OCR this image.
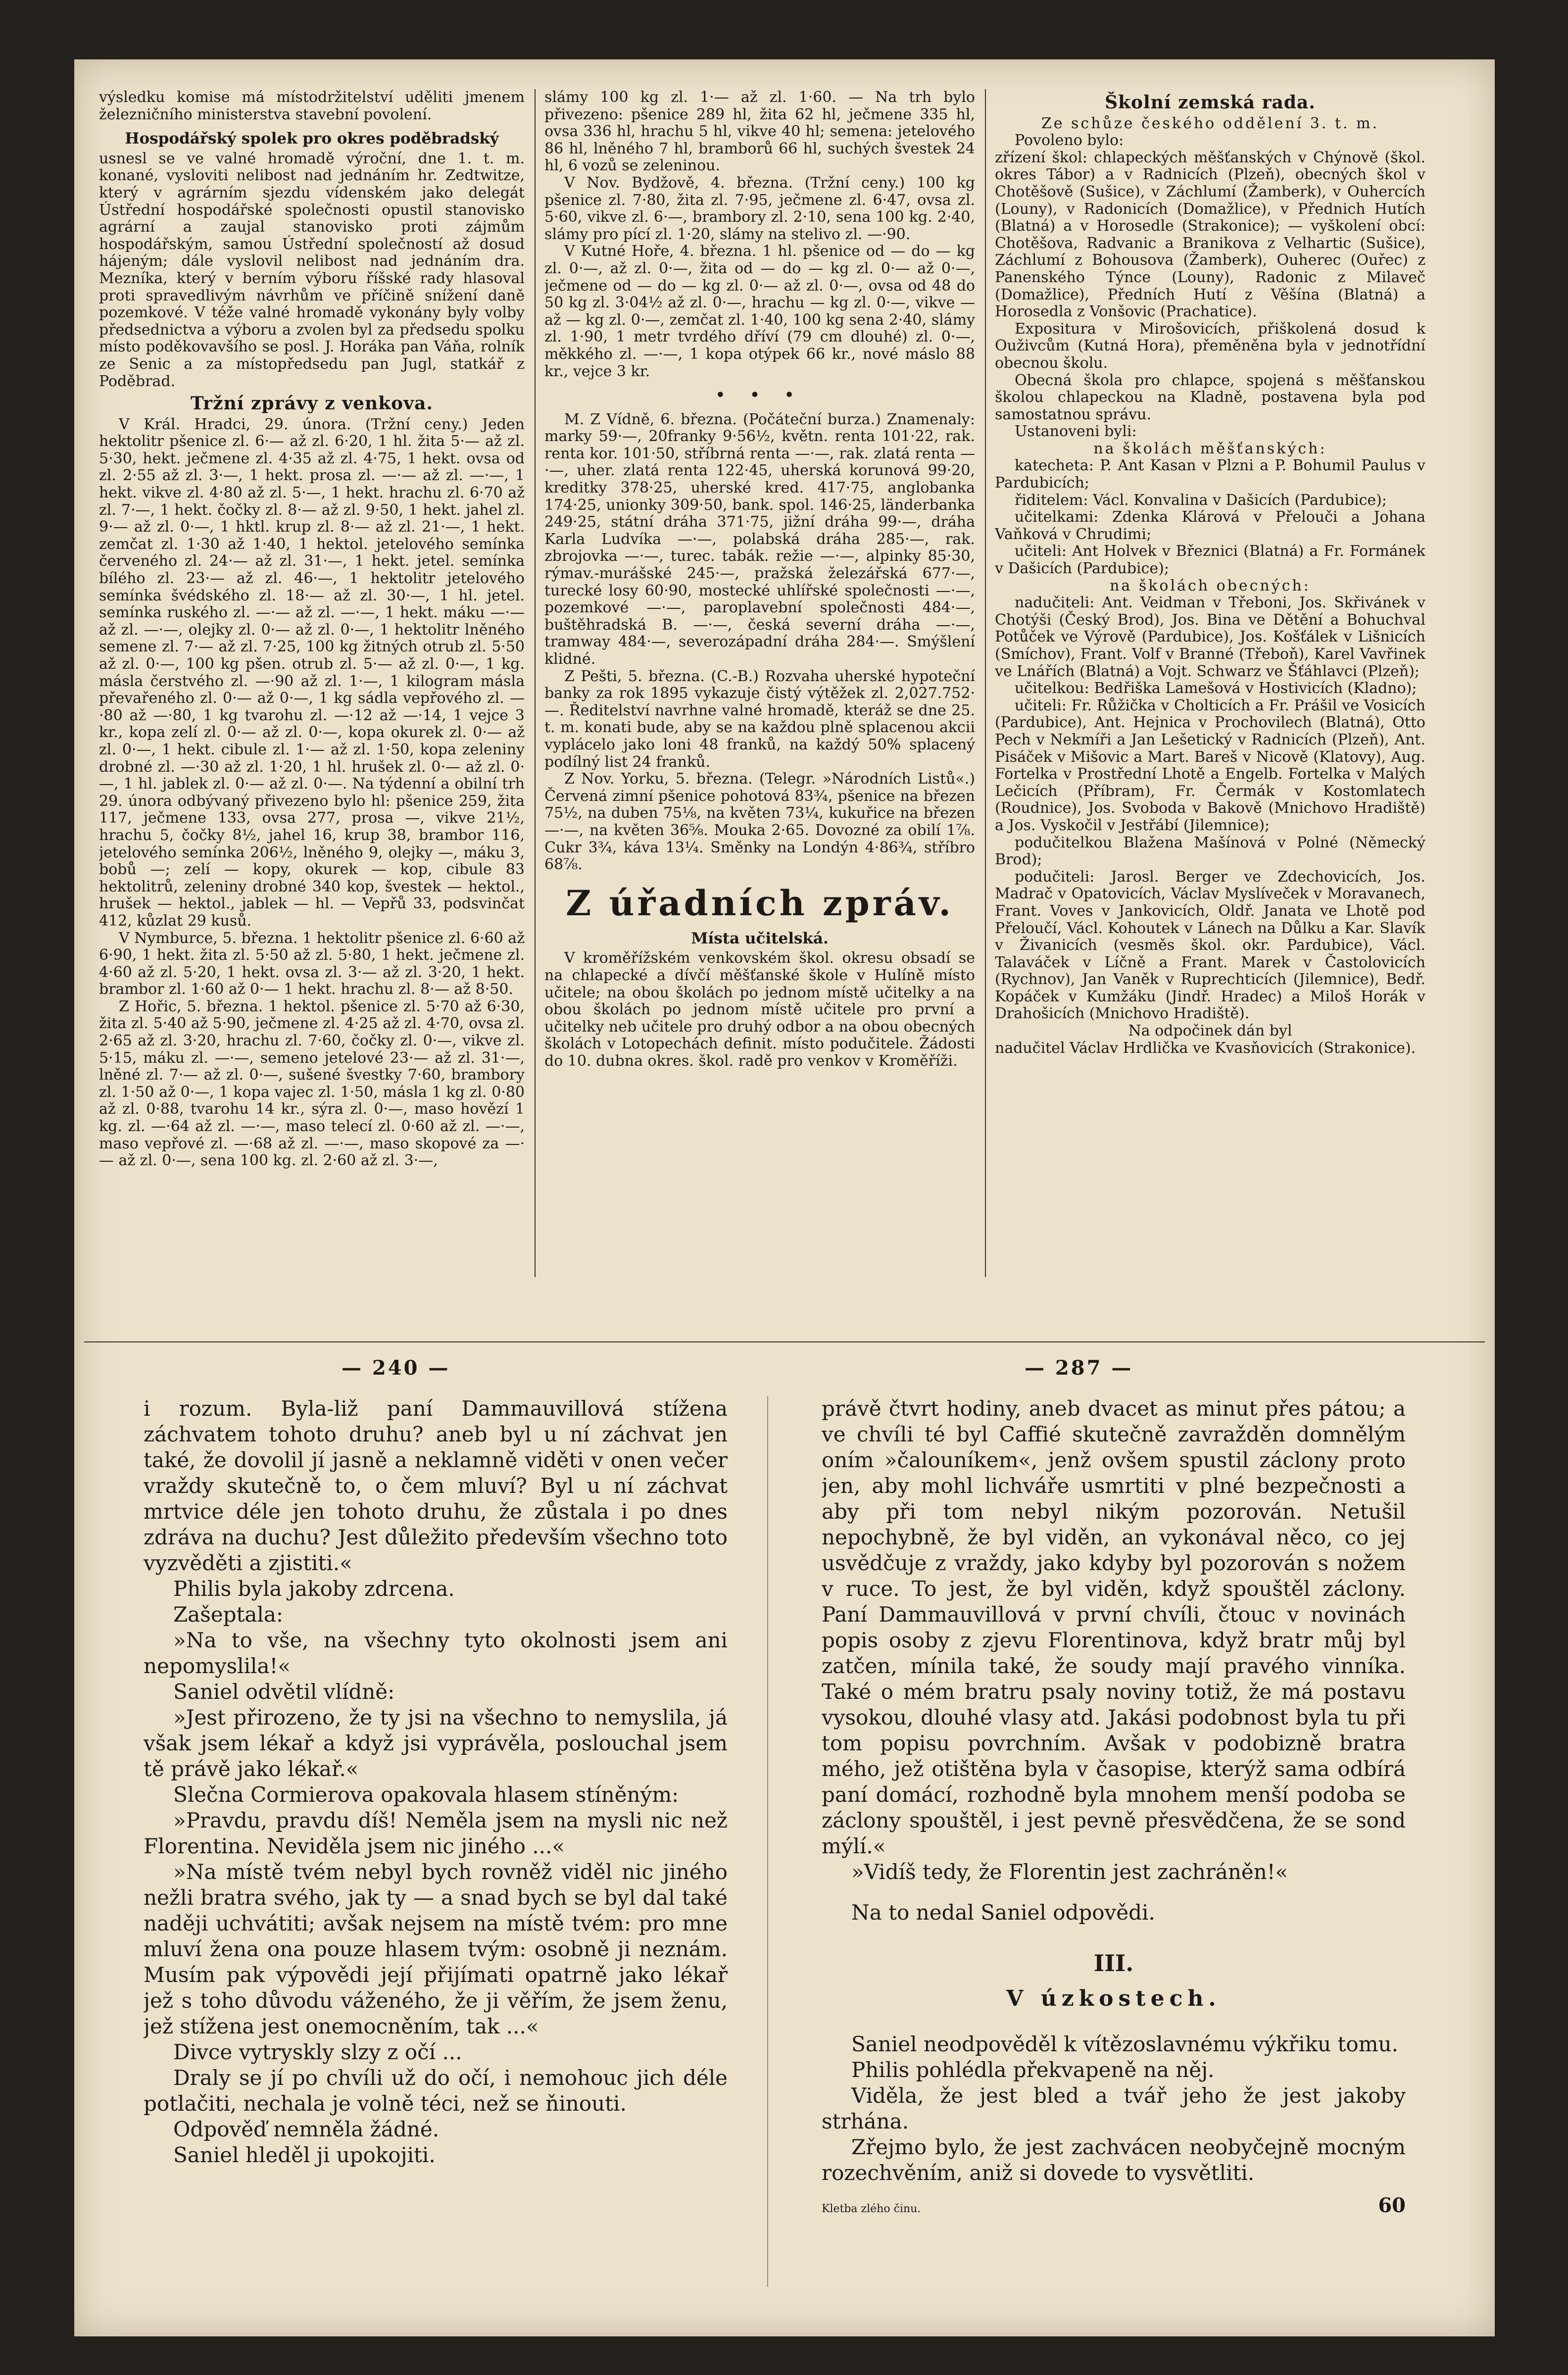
výsledku komise má místodržitelství uděliti jmenem železničního ministerstva stavební povolení.

Hospodářský spolek pro okres poděbradský

usnesl se ve valné hromadě výroční, dne 1. t. m. konané, vysloviti nelibost nad jednáním hr. Zedtwitze, který v agrárním sjezdu vídenském jako delegát Ústřední hospodářské společnosti opustil stanovisko agrární a zaujal stanovisko proti zájmům hospodářským, samou Ústřední společností až dosud hájeným; dále vyslovil nelibost nad jednáním dra. Mezníka, který v berním výboru říšské rady hlasoval proti spravedlivým návrhům ve příčině snížení daně pozemkové. V téže valné hromadě vykonány byly volby předsednictva a výboru a zvolen byl za předsedu spolku místo poděkovavšího se posl. J. Horáka pan Váňa, rolník ze Senic a za místopředsedu pan Jugl, statkář z Poděbrad.

Tržní zprávy z venkova.

V Král. Hradci, 29. února. (Tržní ceny.) Jeden hektolitr pšenice zl. 6·— až zl. 6·20, 1 hl. žita 5·— až zl. 5·30, hekt. ječmene zl. 4·35 až zl. 4·75, 1 hekt. ovsa od zl. 2·55 až zl. 3·—, 1 hekt. prosa zl. —·— až zl. —·—, 1 hekt. vikve zl. 4·80 až zl. 5·—, 1 hekt. hrachu zl. 6·70 až zl. 7·—, 1 hekt. čočky zl. 8·— až zl. 9·50, 1 hekt. jahel zl. 9·— až zl. 0·—, 1 hktl. krup zl. 8·— až zl. 21·—, 1 hekt. zemčat zl. 1·30 až 1·40, 1 hektol. jetelového semínka červeného zl. 24·— až zl. 31·—, 1 hekt. jetel. semínka bílého zl. 23·— až zl. 46·—, 1 hektolitr jetelového semínka švédského zl. 18·— až zl. 30·—, 1 hl. jetel. semínka ruského zl. —·— až zl. —·—, 1 hekt. máku —·— až zl. —·—, olejky zl. 0·— až zl. 0·—, 1 hektolitr lněného semene zl. 7·— až zl. 7·25, 100 kg žitných otrub zl. 5·50 až zl. 0·—, 100 kg pšen. otrub zl. 5·— až zl. 0·—, 1 kg. másla čerstvého zl. —·90 až zl. 1·—, 1 kilogram másla převařeného zl. 0·— až 0·—, 1 kg sádla vepřového zl. —·80 až —·80, 1 kg tvarohu zl. —·12 až —·14, 1 vejce 3 kr., kopa zelí zl. 0·— až zl. 0·—, kopa okurek zl. 0·— až zl. 0·—, 1 hekt. cibule zl. 1·— až zl. 1·50, kopa zeleniny drobné zl. —·30 až zl. 1·20, 1 hl. hrušek zl. 0·— až zl. 0·—, 1 hl. jablek zl. 0·— až zl. 0·—. Na týdenní a obilní trh 29. února odbývaný přivezeno bylo hl: pšenice 259, žita 117, ječmene 133, ovsa 277, prosa —, vikve 21½, hrachu 5, čočky 8½, jahel 16, krup 38, brambor 116, jetelového semínka 206½, lněného 9, olejky —, máku 3, bobů —; zelí — kopy, okurek — kop, cibule 83 hektolitrů, zeleniny drobné 340 kop, švestek — hektol., hrušek — hektol., jablek — hl. — Vepřů 33, podsvinčat 412, kůzlat 29 kusů.

V Nymburce, 5. března. 1 hektolitr pšenice zl. 6·60 až 6·90, 1 hekt. žita zl. 5·50 až zl. 5·80, 1 hekt. ječmene zl. 4·60 až zl. 5·20, 1 hekt. ovsa zl. 3·— až zl. 3·20, 1 hekt. brambor zl. 1·60 až 0·— 1 hekt. hrachu zl. 8·— až 8·50.

Z Hořic, 5. března. 1 hektol. pšenice zl. 5·70 až 6·30, žita zl. 5·40 až 5·90, ječmene zl. 4·25 až zl. 4·70, ovsa zl. 2·65 až zl. 3·20, hrachu zl. 7·60, čočky zl. 0·—, vikve zl. 5·15, máku zl. —·—, semeno jetelové 23·— až zl. 31·—, lněné zl. 7·— až zl. 0·—, sušené švestky 7·60, brambory zl. 1·50 až 0·—, 1 kopa vajec zl. 1·50, másla 1 kg zl. 0·80 až zl. 0·88, tvarohu 14 kr., sýra zl. 0·—, maso hovězí 1 kg. zl. —·64 až zl. —·—, maso telecí zl. 0·60 až zl. —·—, maso vepřové zl. —·68 až zl. —·—, maso skopové za —·— až zl. 0·—, sena 100 kg. zl. 2·60 až zl. 3·—,

slámy 100 kg zl. 1·— až zl. 1·60. — Na trh bylo přivezeno: pšenice 289 hl, žita 62 hl, ječmene 335 hl, ovsa 336 hl, hrachu 5 hl, vikve 40 hl; semena: jetelového 86 hl, lněného 7 hl, bramborů 66 hl, suchých švestek 24 hl, 6 vozů se zeleninou.

V Nov. Bydžově, 4. března. (Tržní ceny.) 100 kg pšenice zl. 7·80, žita zl. 7·95, ječmene zl. 6·47, ovsa zl. 5·60, vikve zl. 6·—, brambory zl. 2·10, sena 100 kg. 2·40, slámy pro pící zl. 1·20, slámy na stelivo zl. —·90.

V Kutné Hoře, 4. března. 1 hl. pšenice od — do — kg zl. 0·—, až zl. 0·—, žita od — do — kg zl. 0·— až 0·—, ječmene od — do — kg zl. 0·— až zl. 0·—, ovsa od 48 do 50 kg zl. 3·04½ až zl. 0·—, hrachu — kg zl. 0·—, vikve — až — kg zl. 0·—, zemčat zl. 1·40, 100 kg sena 2·40, slámy zl. 1·90, 1 metr tvrdého dříví (79 cm dlouhé) zl. 0·—, měkkého zl. —·—, 1 kopa otýpek 66 kr., nové máslo 88 kr., vejce 3 kr.

• • •

M. Z Vídně, 6. března. (Počáteční burza.) Znamenaly: marky 59·—, 20franky 9·56½, květn. renta 101·22, rak. renta kor. 101·50, stříbrná renta —·—, rak. zlatá renta —·—, uher. zlatá renta 122·45, uherská korunová 99·20, kreditky 378·25, uherské kred. 417·75, anglobanka 174·25, unionky 309·50, bank. spol. 146·25, länderbanka 249·25, státní dráha 371·75, jižní dráha 99·—, dráha Karla Ludvíka —·—, polabská dráha 285·—, rak. zbrojovka —·—, turec. tabák. režie —·—, alpinky 85·30, rýmav.-murášské 245·—, pražská železářská 677·—, turecké losy 60·90, mostecké uhlířské společnosti —·—, pozemkové —·—, paroplavební společnosti 484·—, buštěhradská B. —·—, česká severní dráha —·—, tramway 484·—, severozápadní dráha 284·—. Smýšlení klidné.

Z Pešti, 5. března. (C.-B.) Rozvaha uherské hypoteční banky za rok 1895 vykazuje čistý výtěžek zl. 2,027.752·—. Ředitelství navrhne valné hromadě, kteráž se dne 25. t. m. konati bude, aby se na každou plně splacenou akcii vyplácelo jako loni 48 franků, na každý 50% splacený podílný list 24 franků.

Z Nov. Yorku, 5. března. (Telegr. »Národních Listů«.) Červená zimní pšenice pohotová 83¾, pšenice na březen 75½, na duben 75⅛, na květen 73¼, kukuřice na březen —·—, na květen 36⅝. Mouka 2·65. Dovozné za obilí 1⅞. Cukr 3¾, káva 13¼. Směnky na Londýn 4·86¾, stříbro 68⅞.

Z úřadních zpráv.

Místa učitelská.

V kroměřížském venkovském škol. okresu obsadí se na chlapecké a dívčí měšťanské škole v Hulíně místo učitele; na obou školách po jednom místě učitelky a na obou školách po jednom místě učitele pro první a učitelky neb učitele pro druhý odbor a na obou obecných školách v Lotopechách definit. místo podučitele. Žádosti do 10. dubna okres. škol. radě pro venkov v Kroměříži.

Školní zemská rada.

Ze schůze českého oddělení 3. t. m.

Povoleno bylo:

zřízení škol: chlapeckých měšťanských v Chýnově (škol. okres Tábor) a v Radnicích (Plzeň), obecných škol v Chotěšově (Sušice), v Záchlumí (Žamberk), v Ouhercích (Louny), v Radonicích (Domažlice), v Přednich Hutích (Blatná) a v Horosedle (Strakonice); — vyškolení obcí: Chotěšova, Radvanic a Branikova z Velhartic (Sušice), Záchlumí z Bohousova (Žamberk), Ouherec (Ouřec) z Panenského Týnce (Louny), Radonic z Milaveč (Domažlice), Předních Hutí z Věšína (Blatná) a Horosedla z Vonšovic (Prachatice).

Expositura v Mirošovicích, přiškolená dosud k Ouživcům (Kutná Hora), přeměněna byla v jednotřídní obecnou školu.

Obecná škola pro chlapce, spojená s měšťanskou školou chlapeckou na Kladně, postavena byla pod samostatnou správu.

Ustanoveni byli:

na školách měšťanských:

katecheta: P. Ant Kasan v Plzni a P. Bohumil Paulus v Pardubicích;

řiditelem: Václ. Konvalina v Dašicích (Pardubice);

učitelkami: Zdenka Klárová v Přelouči a Johana Vaňková v Chrudimi;

učiteli: Ant Holvek v Březnici (Blatná) a Fr. Formánek v Dašicích (Pardubice);

na školách obecných:

nadučiteli: Ant. Veidman v Třeboni, Jos. Skřivánek v Chotýši (Český Brod), Jos. Bina ve Dětění a Bohuchval Potůček ve Výrově (Pardubice), Jos. Košťálek v Lišnicích (Smíchov), Frant. Volf v Branné (Třeboň), Karel Vavřinek ve Lnářích (Blatná) a Vojt. Schwarz ve Šťáhlavci (Plzeň);

učitelkou: Bedřiška Lamešová v Hostivicích (Kladno);

učiteli: Fr. Růžička v Cholticích a Fr. Prášil ve Vosicích (Pardubice), Ant. Hejnica v Prochovilech (Blatná), Otto Pech v Nekmíři a Jan Lešetický v Radnicích (Plzeň), Ant. Pisáček v Mišovic a Mart. Bareš v Nicově (Klatovy), Aug. Fortelka v Prostřední Lhotě a Engelb. Fortelka v Malých Lečicích (Příbram), Fr. Čermák v Kostomlatech (Roudnice), Jos. Svoboda v Bakově (Mnichovo Hradiště) a Jos. Vyskočil v Jestřábí (Jilemnice);

podučitelkou Blažena Mašínová v Polné (Německý Brod);

podučiteli: Jarosl. Berger ve Zdechovicích, Jos. Madrač v Opatovicích, Václav Myslíveček v Moravanech, Frant. Voves v Jankovicích, Oldř. Janata ve Lhotě pod Přeloučí, Václ. Kohoutek v Lánech na Důlku a Kar. Slavík v Živanicích (vesměs škol. okr. Pardubice), Václ. Talaváček v Líčně a Frant. Marek v Častolovicích (Rychnov), Jan Vaněk v Ruprechticích (Jilemnice), Bedř. Kopáček v Kumžáku (Jindř. Hradec) a Miloš Horák v Drahošicích (Mnichovo Hradiště).

Na odpočinek dán byl

nadučitel Václav Hrdlička ve Kvasňovicích (Strakonice).

— 240 —	— 287 —

i rozum. Byla-liž paní Dammauvillová stížena záchvatem tohoto druhu? aneb byl u ní záchvat jen také, že dovolil jí jasně a neklamně viděti v onen večer vraždy skutečně to, o čem mluví? Byl u ní záchvat mrtvice déle jen tohoto druhu, že zůstala i po dnes zdráva na duchu? Jest důležito především všechno toto vyzvěděti a zjistiti.«

Philis byla jakoby zdrcena.

Zašeptala:

»Na to vše, na všechny tyto okolnosti jsem ani nepomyslila!«

Saniel odvětil vlídně:

»Jest přirozeno, že ty jsi na všechno to nemyslila, já však jsem lékař a když jsi vyprávěla, poslouchal jsem tě právě jako lékař.«

Slečna Cormierova opakovala hlasem stíněným:

»Pravdu, pravdu díš! Neměla jsem na mysli nic než Florentina. Neviděla jsem nic jiného ...«

»Na místě tvém nebyl bych rovněž viděl nic jiného nežli bratra svého, jak ty — a snad bych se byl dal také naději uchvátiti; avšak nejsem na místě tvém: pro mne mluví žena ona pouze hlasem tvým: osobně ji neznám. Musím pak výpovědi její přijímati opatrně jako lékař jež s toho důvodu váženého, že ji věřím, že jsem ženu, jež stížena jest onemocněním, tak ...«

Divce vytryskly slzy z očí ...

Draly se jí po chvíli už do očí, i nemohouc jich déle potlačiti, nechala je volně téci, než se ňinouti.

Odpověď nemněla žádné.

Saniel hleděl ji upokojiti.

právě čtvrt hodiny, aneb dvacet as minut přes pátou; a ve chvíli té byl Caffié skutečně zavražděn domnělým oním »čalouníkem«, jenž ovšem spustil záclony proto jen, aby mohl lichváře usmrtiti v plné bezpečnosti a aby při tom nebyl nikým pozorován. Netušil nepochybně, že byl viděn, an vykonával něco, co jej usvědčuje z vraždy, jako kdyby byl pozorován s nožem v ruce. To jest, že byl viděn, když spouštěl záclony. Paní Dammauvillová v první chvíli, čtouc v novinách popis osoby z zjevu Florentinova, když bratr můj byl zatčen, mínila také, že soudy mají pravého vinníka. Také o mém bratru psaly noviny totiž, že má postavu vysokou, dlouhé vlasy atd. Jakási podobnost byla tu při tom popisu povrchním. Avšak v podobizně bratra mého, jež otištěna byla v časopise, kterýž sama odbírá paní domácí, rozhodně byla mnohem menší podoba se záclony spouštěl, i jest pevně přesvědčena, že se sond mýlí.«

»Vidíš tedy, že Florentin jest zachráněn!«

Na to nedal Saniel odpovědi.

III.

V úzkostech.

Saniel neodpověděl k vítězoslavnému výkřiku tomu.

Philis pohlédla překvapeně na něj.

Viděla, že jest bled a tvář jeho že jest jakoby strhána.

Zřejmo bylo, že jest zachvácen neobyčejně mocným rozechvěním, aniž si dovede to vysvětliti.

Kletba zlého činu.	60
